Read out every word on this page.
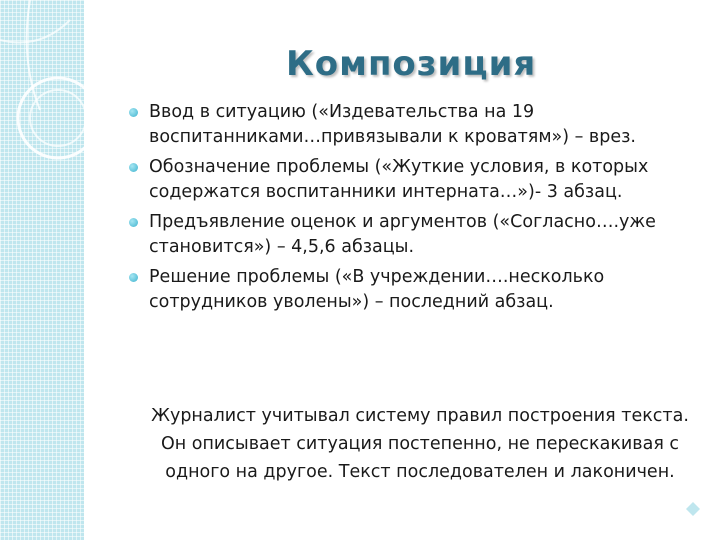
Композиция
Ввод в ситуацию («Издевательства на 19 воспитанниками…привязывали к кроватям») – врез.
Обозначение проблемы («Жуткие условия, в которых содержатся воспитанники интерната…»)- 3 абзац.
Предъявление оценок и аргументов («Согласно….уже становится») – 4,5,6 абзацы.
Решение проблемы («В учреждении….несколько сотрудников уволены») – последний абзац.
Журналист учитывал систему правил построения текста. Он описывает ситуация постепенно, не перескакивая с одного на другое. Текст последователен и лаконичен.
